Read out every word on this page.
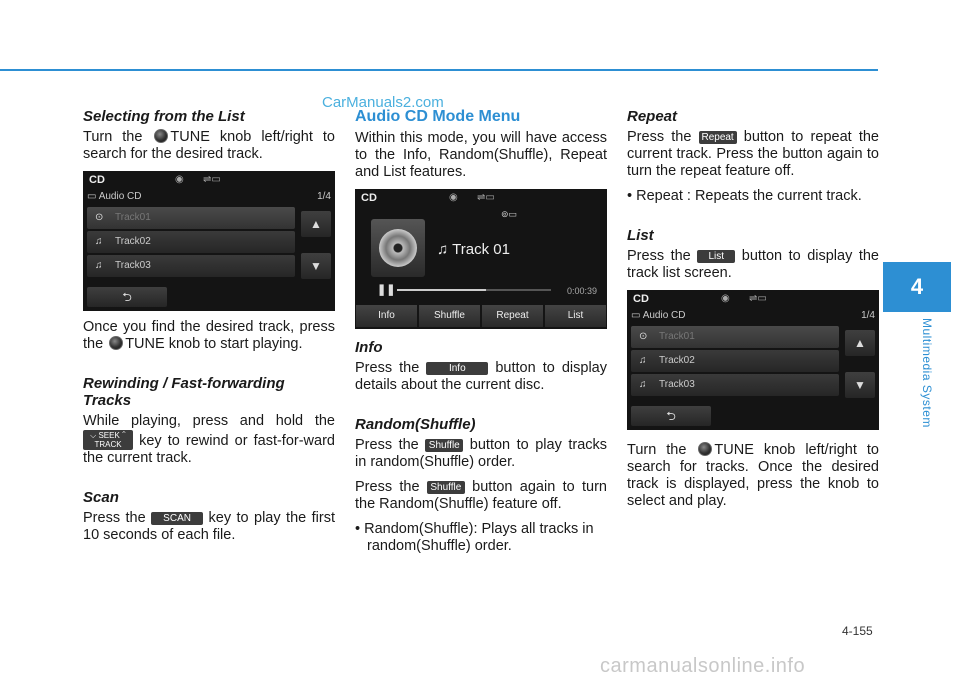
CarManuals2.com
Selecting from the List

Turn the TUNE knob left/right to search for the desired track.

CD	◉ ⇌▭
▭ Audio CD	1/4
⊙ Track01
♫ Track02
♫ Track03
▲
▼
⮌

Once you find the desired track, press the TUNE knob to start playing.

Rewinding / Fast-forwarding Tracks

While playing, press and hold the ⌵ SEEK ⌃
TRACK key to rewind or fast-for-ward the current track.

Scan

Press the SCAN key to play the first 10 seconds of each file.

Audio CD Mode Menu

Within this mode, you will have access to the Info, Random(Shuffle), Repeat and List features.

CD	◉ ⇌▭
⊚▭
♫ Track 01
❚❚	0:00:39
Info	Shuffle	Repeat	List
Info

Press the Info button to display details about the current disc.

Random(Shuffle)

Press the Shuffle button to play tracks in random(Shuffle) order.

Press the Shuffle button again to turn the Random(Shuffle) feature off.

• Random(Shuffle): Plays all tracks in random(Shuffle) order.

Repeat

Press the Repeat button to repeat the current track. Press the button again to turn the repeat feature off.

• Repeat : Repeats the current track.

List

Press the List button to display the track list screen.

CD	◉ ⇌▭
▭ Audio CD	1/4
⊙ Track01
♫ Track02
♫ Track03
▲
▼
⮌

Turn the TUNE knob left/right to search for tracks. Once the desired track is displayed, press the knob to select and play.

4
Multimedia System
4-155
carmanualsonline.info
